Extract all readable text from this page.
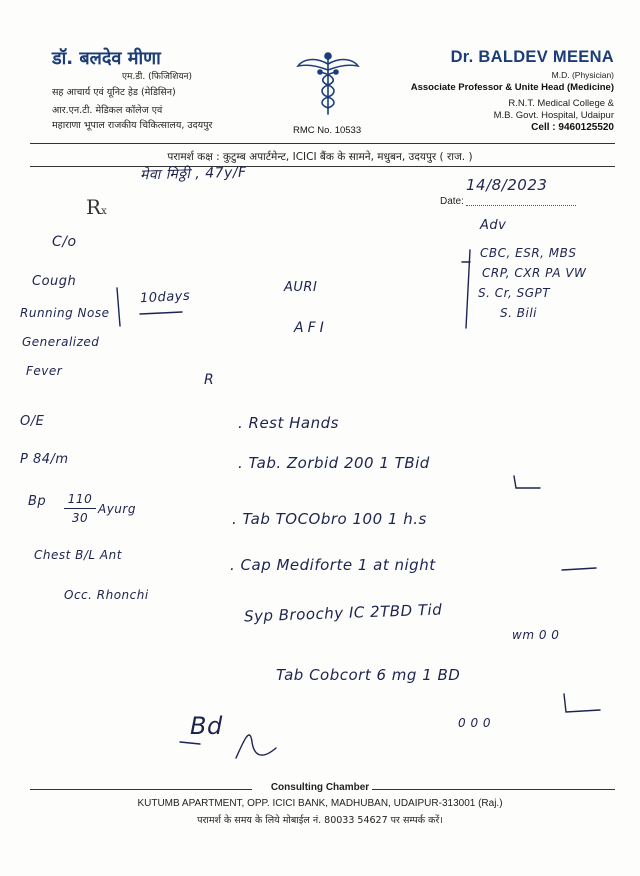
डॉ. बलदेव मीणा
एम.डी. (फिजिशियन)
सह आचार्य एवं यूनिट हेड (मेडिसिन)
आर.एन.टी. मेडिकल कॉलेज एवं
महाराणा भूपाल राजकीय चिकित्सालय, उदयपुर	RMC No. 10533
Dr. BALDEV MEENA
M.D. (Physician)
Associate Professor & Unite Head (Medicine)
R.N.T. Medical College &
M.B. Govt. Hospital, Udaipur
Cell : 9460125520
परामर्श कक्ष : कुटुम्ब अपार्टमेन्ट, ICICI बैंक के सामने, मधुबन, उदयपुर ( राज. )
Rx
Date:
मेवा मिठ्ठी , 47y/F
14/8/2023
C/o
Cough
Running Nose
Generalized
Fever
10days
Adv
CBC, ESR, MBS
CRP, CXR PA VW
S. Cr, SGPT
S. Bili
AURI
AFI
R
O/E
P 84/m
Bp	110
30
Ayurg
Chest B/L Ant
Occ. Rhonchi
. Rest Hands
. Tab. Zorbid 200 1 TBid
. Tab TOCObro 100 1 h.s
. Cap Mediforte 1 at night
Syp Broochy IC 2TBD Tid
wm 0 0
Tab Cobcort 6 mg 1 BD
0 0 0
Bd
Consulting Chamber
KUTUMB APARTMENT, OPP. ICICI BANK, MADHUBAN, UDAIPUR-313001 (Raj.)
परामर्श के समय के लिये मोबाईल नं. 80033 54627 पर सम्पर्क करें।
